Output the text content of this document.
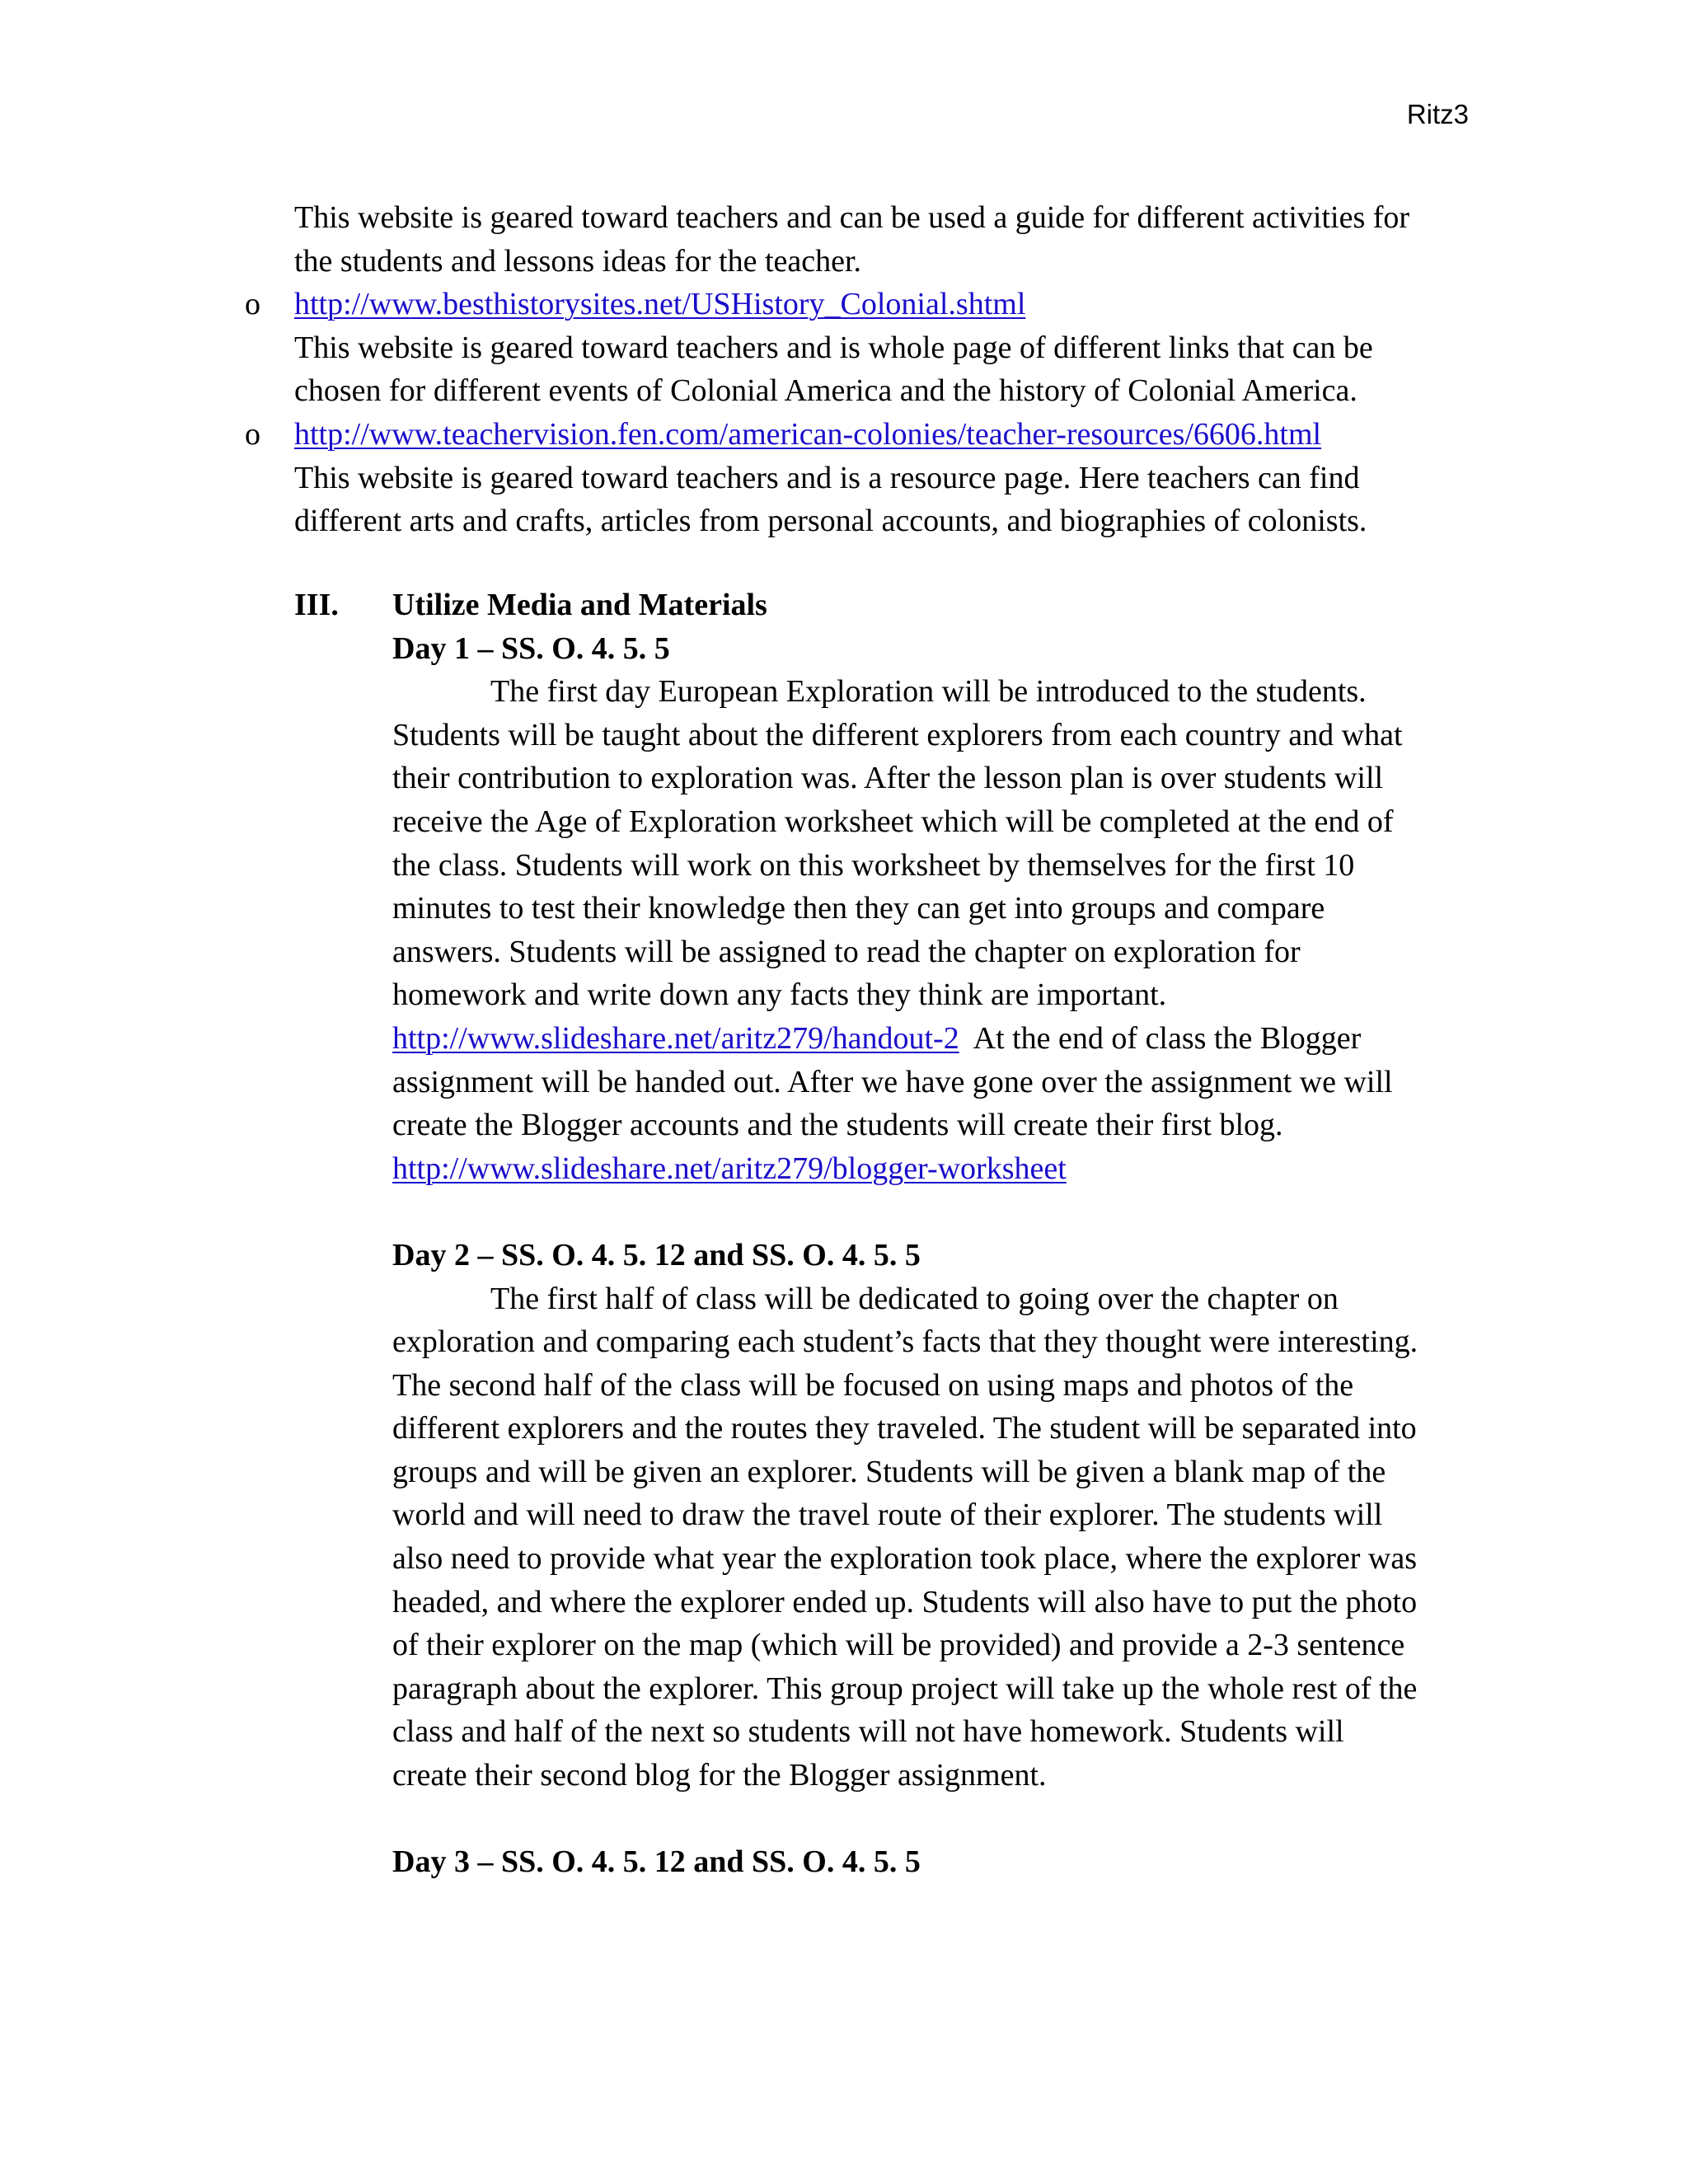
Ritz3
This website is geared toward teachers and can be used a guide for different activities for
the students and lessons ideas for the teacher.
o http://www.besthistorysites.net/USHistory_Colonial.shtml
This website is geared toward teachers and is whole page of different links that can be
chosen for different events of Colonial America and the history of Colonial America.
o http://www.teachervision.fen.com/american-colonies/teacher-resources/6606.html
This website is geared toward teachers and is a resource page. Here teachers can find
different arts and crafts, articles from personal accounts, and biographies of colonists.
III. Utilize Media and Materials
Day 1 – SS. O. 4. 5. 5
The first day European Exploration will be introduced to the students.
Students will be taught about the different explorers from each country and what
their contribution to exploration was. After the lesson plan is over students will
receive the Age of Exploration worksheet which will be completed at the end of
the class. Students will work on this worksheet by themselves for the first 10
minutes to test their knowledge then they can get into groups and compare
answers. Students will be assigned to read the chapter on exploration for
homework and write down any facts they think are important.
http://www.slideshare.net/aritz279/handout-2  At the end of class the Blogger
assignment will be handed out. After we have gone over the assignment we will
create the Blogger accounts and the students will create their first blog.
http://www.slideshare.net/aritz279/blogger-worksheet
Day 2 – SS. O. 4. 5. 12 and SS. O. 4. 5. 5
The first half of class will be dedicated to going over the chapter on
exploration and comparing each student’s facts that they thought were interesting.
The second half of the class will be focused on using maps and photos of the
different explorers and the routes they traveled. The student will be separated into
groups and will be given an explorer. Students will be given a blank map of the
world and will need to draw the travel route of their explorer. The students will
also need to provide what year the exploration took place, where the explorer was
headed, and where the explorer ended up. Students will also have to put the photo
of their explorer on the map (which will be provided) and provide a 2-3 sentence
paragraph about the explorer. This group project will take up the whole rest of the
class and half of the next so students will not have homework. Students will
create their second blog for the Blogger assignment.
Day 3 – SS. O. 4. 5. 12 and SS. O. 4. 5. 5
